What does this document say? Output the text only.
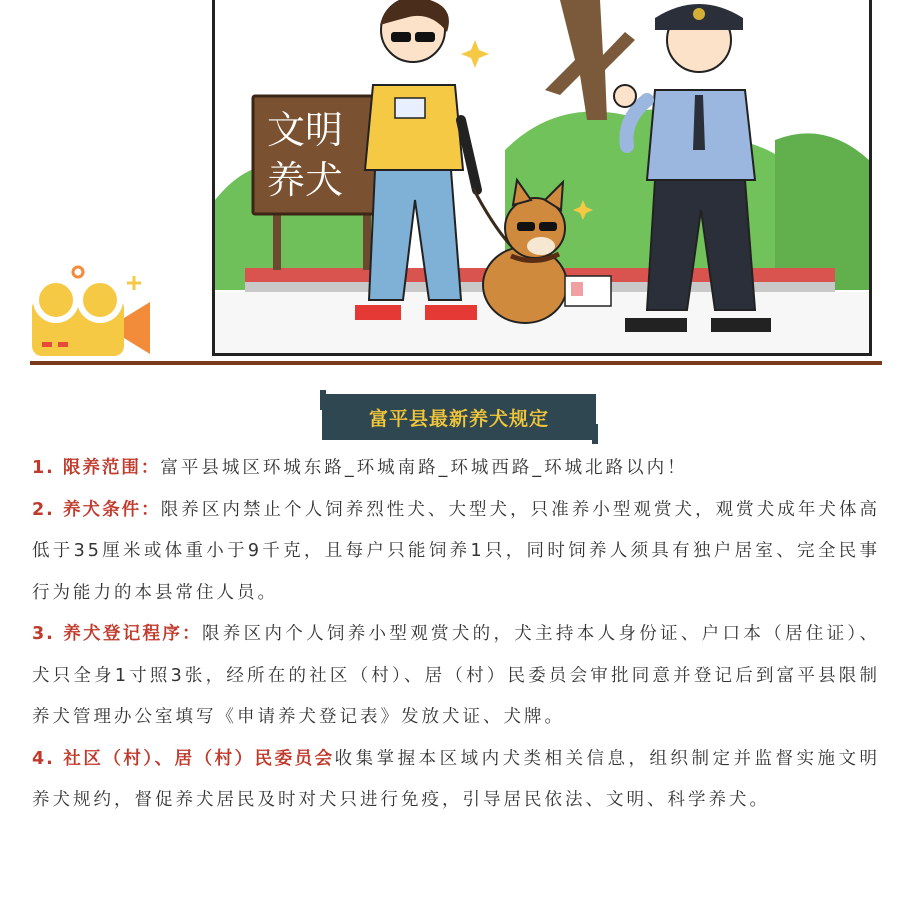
文明
养犬
富平县最新养犬规定

1. 限养范围：富平县城区环城东路_环城南路_环城西路_环城北路以内！

2. 养犬条件：限养区内禁止个人饲养烈性犬、大型犬，只准养小型观赏犬，观赏犬成年犬体高低于35厘米或体重小于9千克，且每户只能饲养1只，同时饲养人须具有独户居室、完全民事行为能力的本县常住人员。

3. 养犬登记程序：限养区内个人饲养小型观赏犬的，犬主持本人身份证、户口本（居住证）、犬只全身1寸照3张，经所在的社区（村）、居（村）民委员会审批同意并登记后到富平县限制养犬管理办公室填写《申请养犬登记表》发放犬证、犬牌。

4. 社区（村）、居（村）民委员会收集掌握本区域内犬类相关信息，组织制定并监督实施文明养犬规约，督促养犬居民及时对犬只进行免疫，引导居民依法、文明、科学养犬。
